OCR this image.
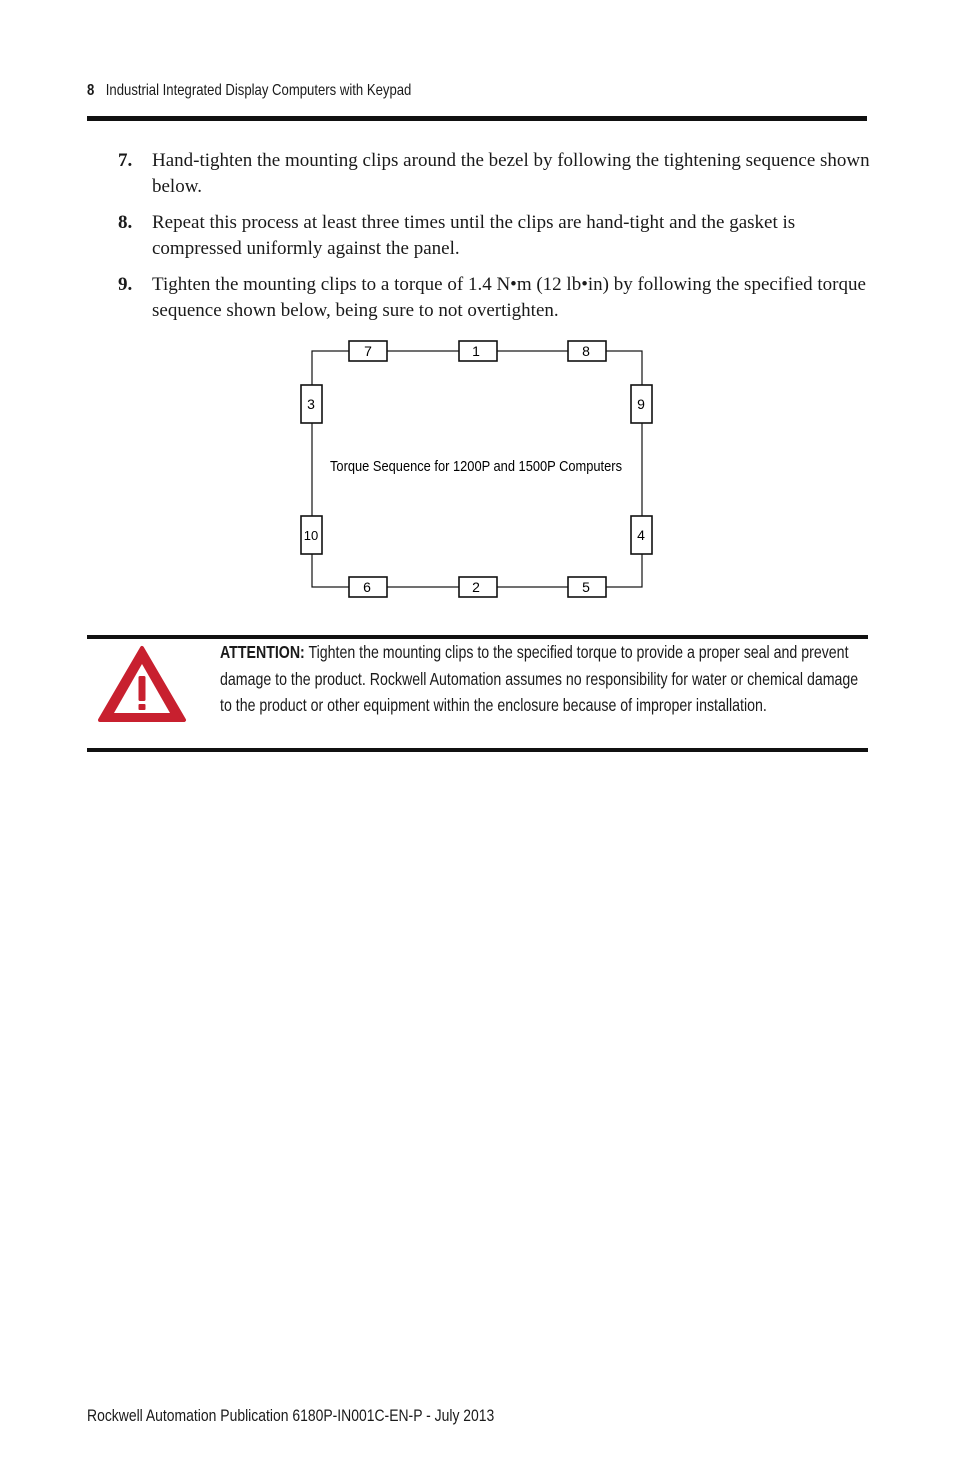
8 Industrial Integrated Display Computers with Keypad
7.	Hand-tighten the mounting clips around the bezel by following the tightening sequence shown below.
8.	Repeat this process at least three times until the clips are hand-tight and the gasket is compressed uniformly against the panel.
9.	Tighten the mounting clips to a torque of 1.4 N•m (12 lb•in) by following the specified torque sequence shown below, being sure to not overtighten.
7	1	8
6	2	5
3
10
9
4
Torque Sequence for 1200P and 1500P Computers
ATTENTION: Tighten the mounting clips to the specified torque to provide a proper seal and prevent damage to the product. Rockwell Automation assumes no responsibility for water or chemical damage to the product or other equipment within the enclosure because of improper installation.
Rockwell Automation Publication 6180P-IN001C-EN-P - July 2013
